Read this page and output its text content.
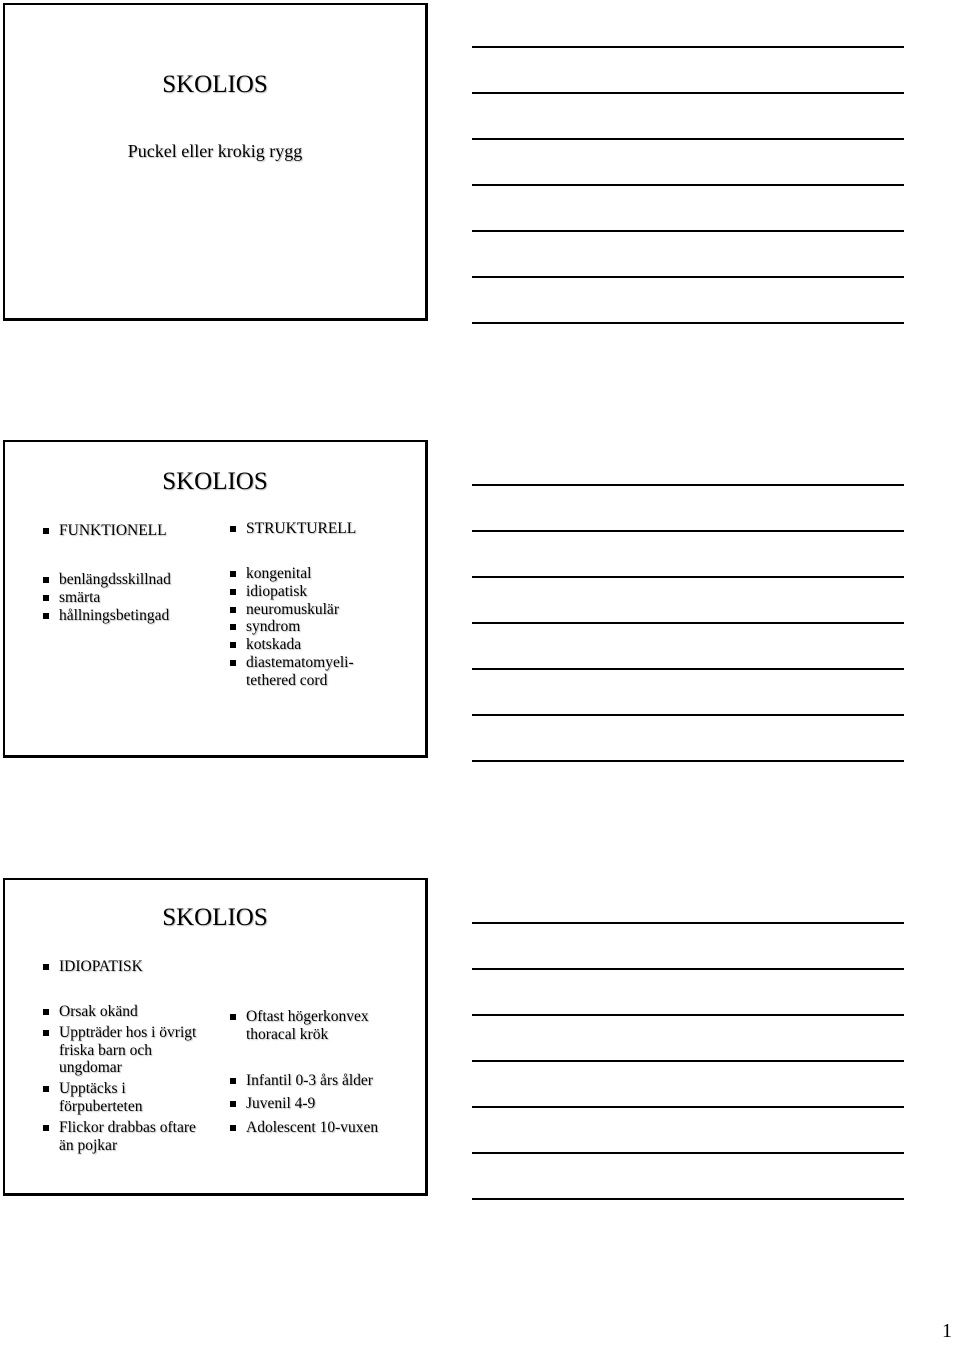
SKOLIOS
Puckel eller krokig rygg
SKOLIOS
FUNKTIONELL
benlängdsskillnad
smärta
hållningsbetingad
STRUKTURELL
kongenital
idiopatisk
neuromuskulär
syndrom
kotskada
diastematomyeli-
tethered cord
SKOLIOS
IDIOPATISK
Orsak okänd
Uppträder hos i övrigt friska barn och ungdomar
Upptäcks i förpuberteten
Flickor drabbas oftare än pojkar
Oftast högerkonvex thoracal krök
Infantil 0-3 års ålder
Juvenil 4-9
Adolescent 10-vuxen
1
